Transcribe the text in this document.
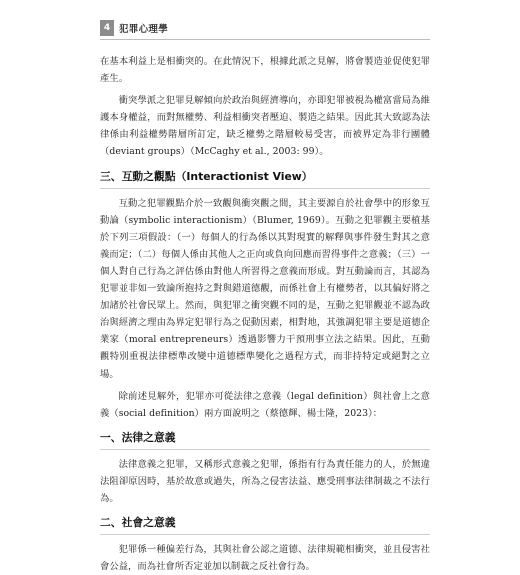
4 犯罪心理學

在基本利益上是相衝突的。在此情況下，根據此派之見解，將會製造並促使犯罪產生。

衝突學派之犯罪見解傾向於政治與經濟導向，亦即犯罪被視為權富當局為維護本身權益，而對無權勢、利益相衝突者壓迫、製造之結果。因此其大致認為法律係由利益權勢階層所訂定，缺乏權勢之階層較易受害，而被界定為非行團體（deviant groups）（McCaghy et al., 2003: 99）。

三、互動之觀點（Interactionist View）

互動之犯罪觀點介於一致觀與衝突觀之間，其主要源自於社會學中的形象互動論（symbolic interactionism）（Blumer, 1969）。互動之犯罪觀主要植基於下列三項假設：（一）每個人的行為係以其對現實的解釋與事件發生對其之意義而定；（二）每個人係由其他人之正向或負向回應而習得事件之意義；（三）一個人對自己行為之評估係由對他人所習得之意義而形成。對互動論而言，其認為犯罪並非如一致論所抱持之對與錯道德觀，而係社會上有權勢者，以其偏好將之加諸於社會民眾上。然而，與犯罪之衝突觀不同的是，互動之犯罪觀並不認為政治與經濟之理由為界定犯罪行為之促動因素，相對地，其強調犯罪主要是道德企業家（moral entrepreneurs）透過影響力干預刑事立法之結果。因此，互動觀特別重視法律標準改變中道德標準變化之過程方式，而非持特定或絕對之立場。

除前述見解外，犯罪亦可從法律之意義（legal definition）與社會上之意義（social definition）兩方面說明之（蔡德輝、楊士隆，2023）：

一、法律之意義

法律意義之犯罪，又稱形式意義之犯罪，係指有行為責任能力的人，於無違法阻卻原因時，基於故意或過失，所為之侵害法益、應受刑事法律制裁之不法行為。

二、社會之意義

犯罪係一種偏差行為，其與社會公認之道德、法律規範相衝突，並且侵害社會公益，而為社會所否定並加以制裁之反社會行為。
